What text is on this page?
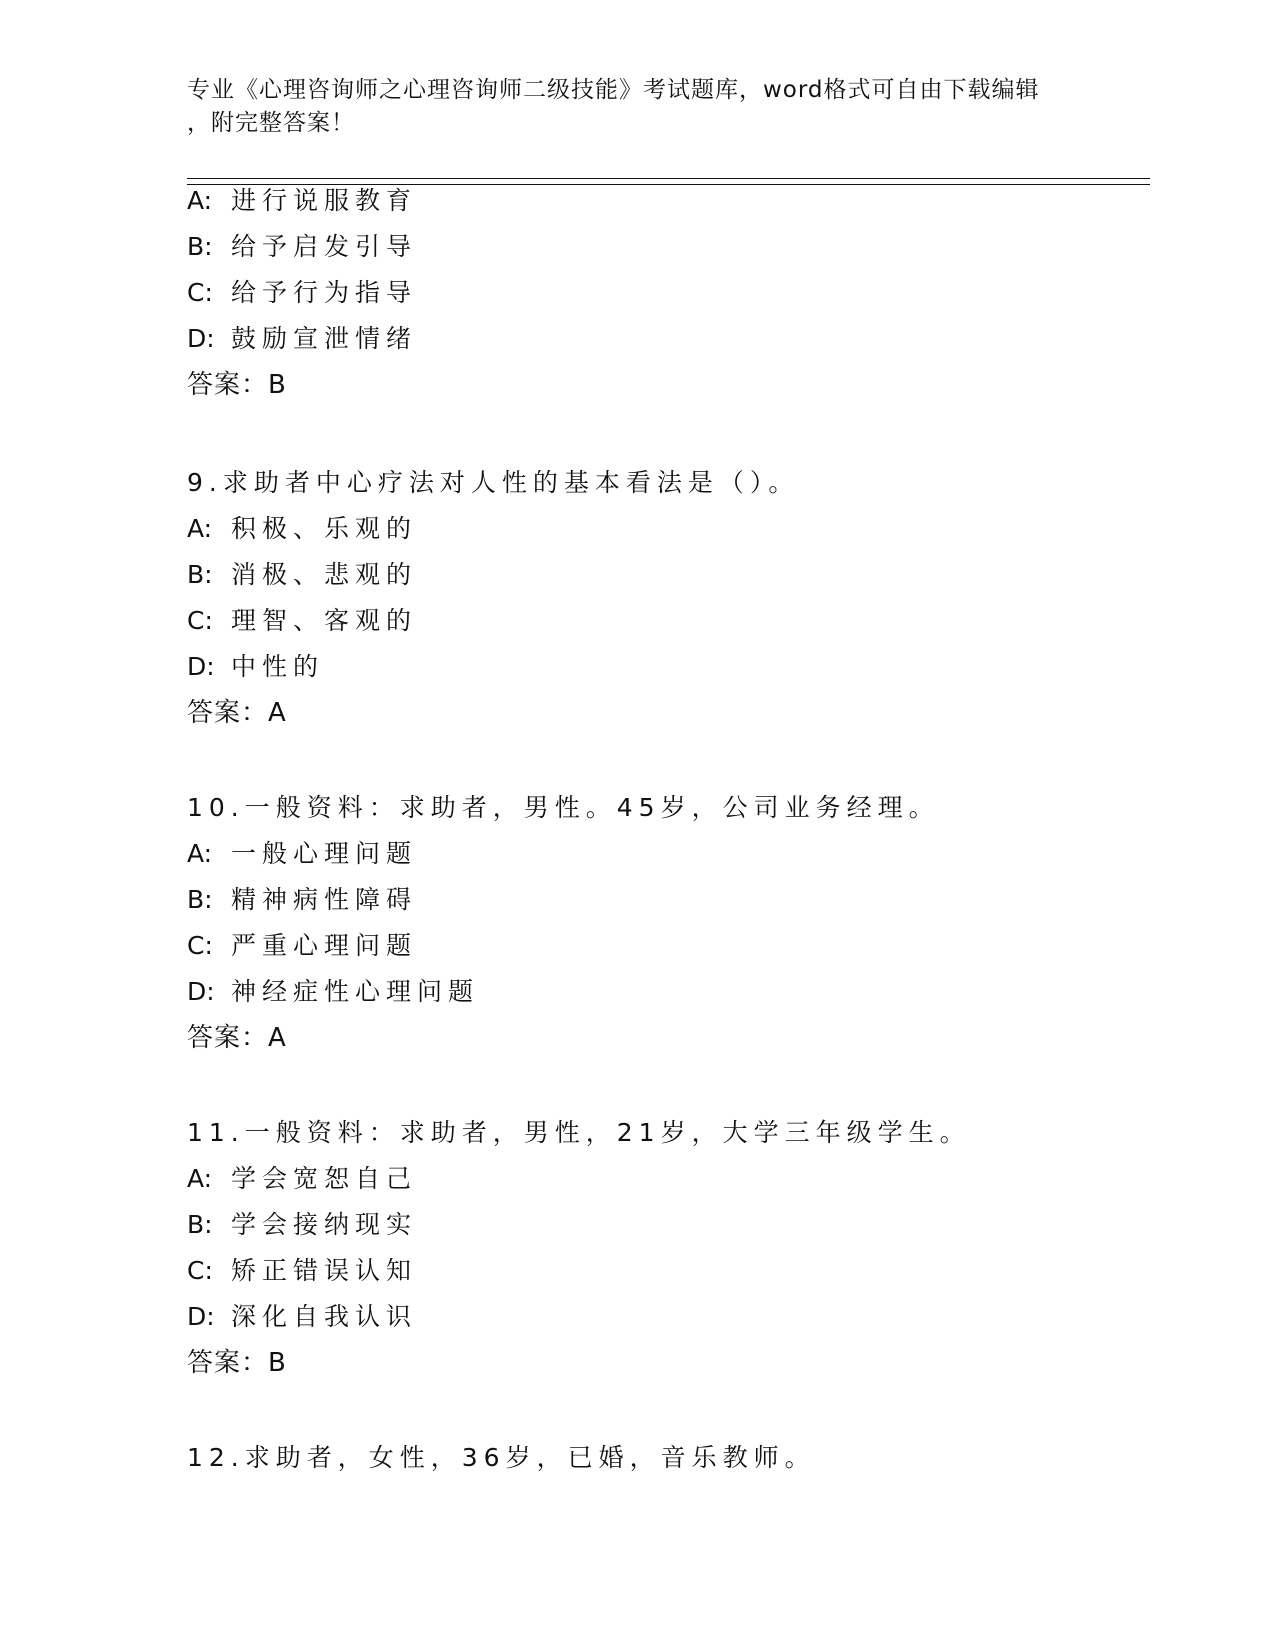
专业《心理咨询师之心理咨询师二级技能》考试题库，word格式可自由下载编辑
，附完整答案！
A: 进行说服教育
B: 给予启发引导
C: 给予行为指导
D: 鼓励宣泄情绪
答案：B
9.求助者中心疗法对人性的基本看法是（）。
A: 积极、乐观的
B: 消极、悲观的
C: 理智、客观的
D: 中性的
答案：A
10.一般资料：求助者，男性。45岁，公司业务经理。
A: 一般心理问题
B: 精神病性障碍
C: 严重心理问题
D: 神经症性心理问题
答案：A
11.一般资料：求助者，男性，21岁，大学三年级学生。
A: 学会宽恕自己
B: 学会接纳现实
C: 矫正错误认知
D: 深化自我认识
答案：B
12.求助者，女性，36岁，已婚，音乐教师。
